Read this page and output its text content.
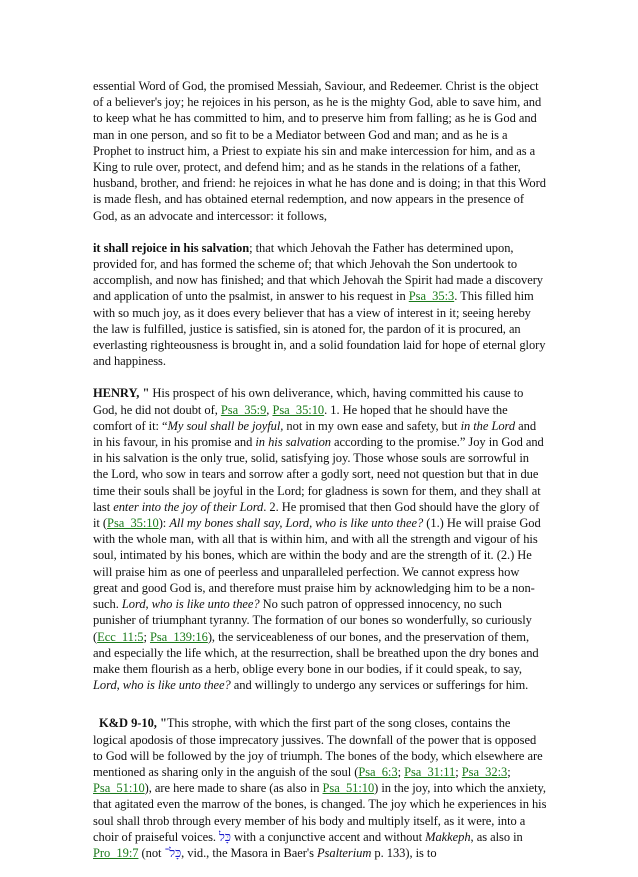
essential Word of God, the promised Messiah, Saviour, and Redeemer. Christ is the object of a believer's joy; he rejoices in his person, as he is the mighty God, able to save him, and to keep what he has committed to him, and to preserve him from falling; as he is God and man in one person, and so fit to be a Mediator between God and man; and as he is a Prophet to instruct him, a Priest to expiate his sin and make intercession for him, and as a King to rule over, protect, and defend him; and as he stands in the relations of a father, husband, brother, and friend: he rejoices in what he has done and is doing; in that this Word is made flesh, and has obtained eternal redemption, and now appears in the presence of God, as an advocate and intercessor: it follows,

it shall rejoice in his salvation; that which Jehovah the Father has determined upon, provided for, and has formed the scheme of; that which Jehovah the Son undertook to accomplish, and now has finished; and that which Jehovah the Spirit had made a discovery and application of unto the psalmist, in answer to his request in Psa_35:3. This filled him with so much joy, as it does every believer that has a view of interest in it; seeing hereby the law is fulfilled, justice is satisfied, sin is atoned for, the pardon of it is procured, an everlasting righteousness is brought in, and a solid foundation laid for hope of eternal glory and happiness.

HENRY, " His prospect of his own deliverance, which, having committed his cause to God, he did not doubt of, Psa_35:9, Psa_35:10. 1. He hoped that he should have the comfort of it: “My soul shall be joyful, not in my own ease and safety, but in the Lord and in his favour, in his promise and in his salvation according to the promise.” Joy in God and in his salvation is the only true, solid, satisfying joy. Those whose souls are sorrowful in the Lord, who sow in tears and sorrow after a godly sort, need not question but that in due time their souls shall be joyful in the Lord; for gladness is sown for them, and they shall at last enter into the joy of their Lord. 2. He promised that then God should have the glory of it (Psa_35:10): All my bones shall say, Lord, who is like unto thee? (1.) He will praise God with the whole man, with all that is within him, and with all the strength and vigour of his soul, intimated by his bones, which are within the body and are the strength of it. (2.) He will praise him as one of peerless and unparalleled perfection. We cannot express how great and good God is, and therefore must praise him by acknowledging him to be a non-such. Lord, who is like unto thee? No such patron of oppressed innocency, no such punisher of triumphant tyranny. The formation of our bones so wonderfully, so curiously (Ecc_11:5; Psa_139:16), the serviceableness of our bones, and the preservation of them, and especially the life which, at the resurrection, shall be breathed upon the dry bones and make them flourish as a herb, oblige every bone in our bodies, if it could speak, to say, Lord, who is like unto thee? and willingly to undergo any services or sufferings for him.

K&D 9-10, "This strophe, with which the first part of the song closes, contains the logical apodosis of those imprecatory jussives. The downfall of the power that is opposed to God will be followed by the joy of triumph. The bones of the body, which elsewhere are mentioned as sharing only in the anguish of the soul (Psa_6:3; Psa_31:11; Psa_32:3; Psa_51:10), are here made to share (as also in Psa_51:10) in the joy, into which the anxiety, that agitated even the marrow of the bones, is changed. The joy which he experiences in his soul shall throb through every member of his body and multiply itself, as it were, into a choir of praiseful voices. כָּל with a conjunctive accent and without Makkeph, as also in Pro_19:7 (not כָּל־, vid., the Masora in Baer's Psalterium p. 133), is to
